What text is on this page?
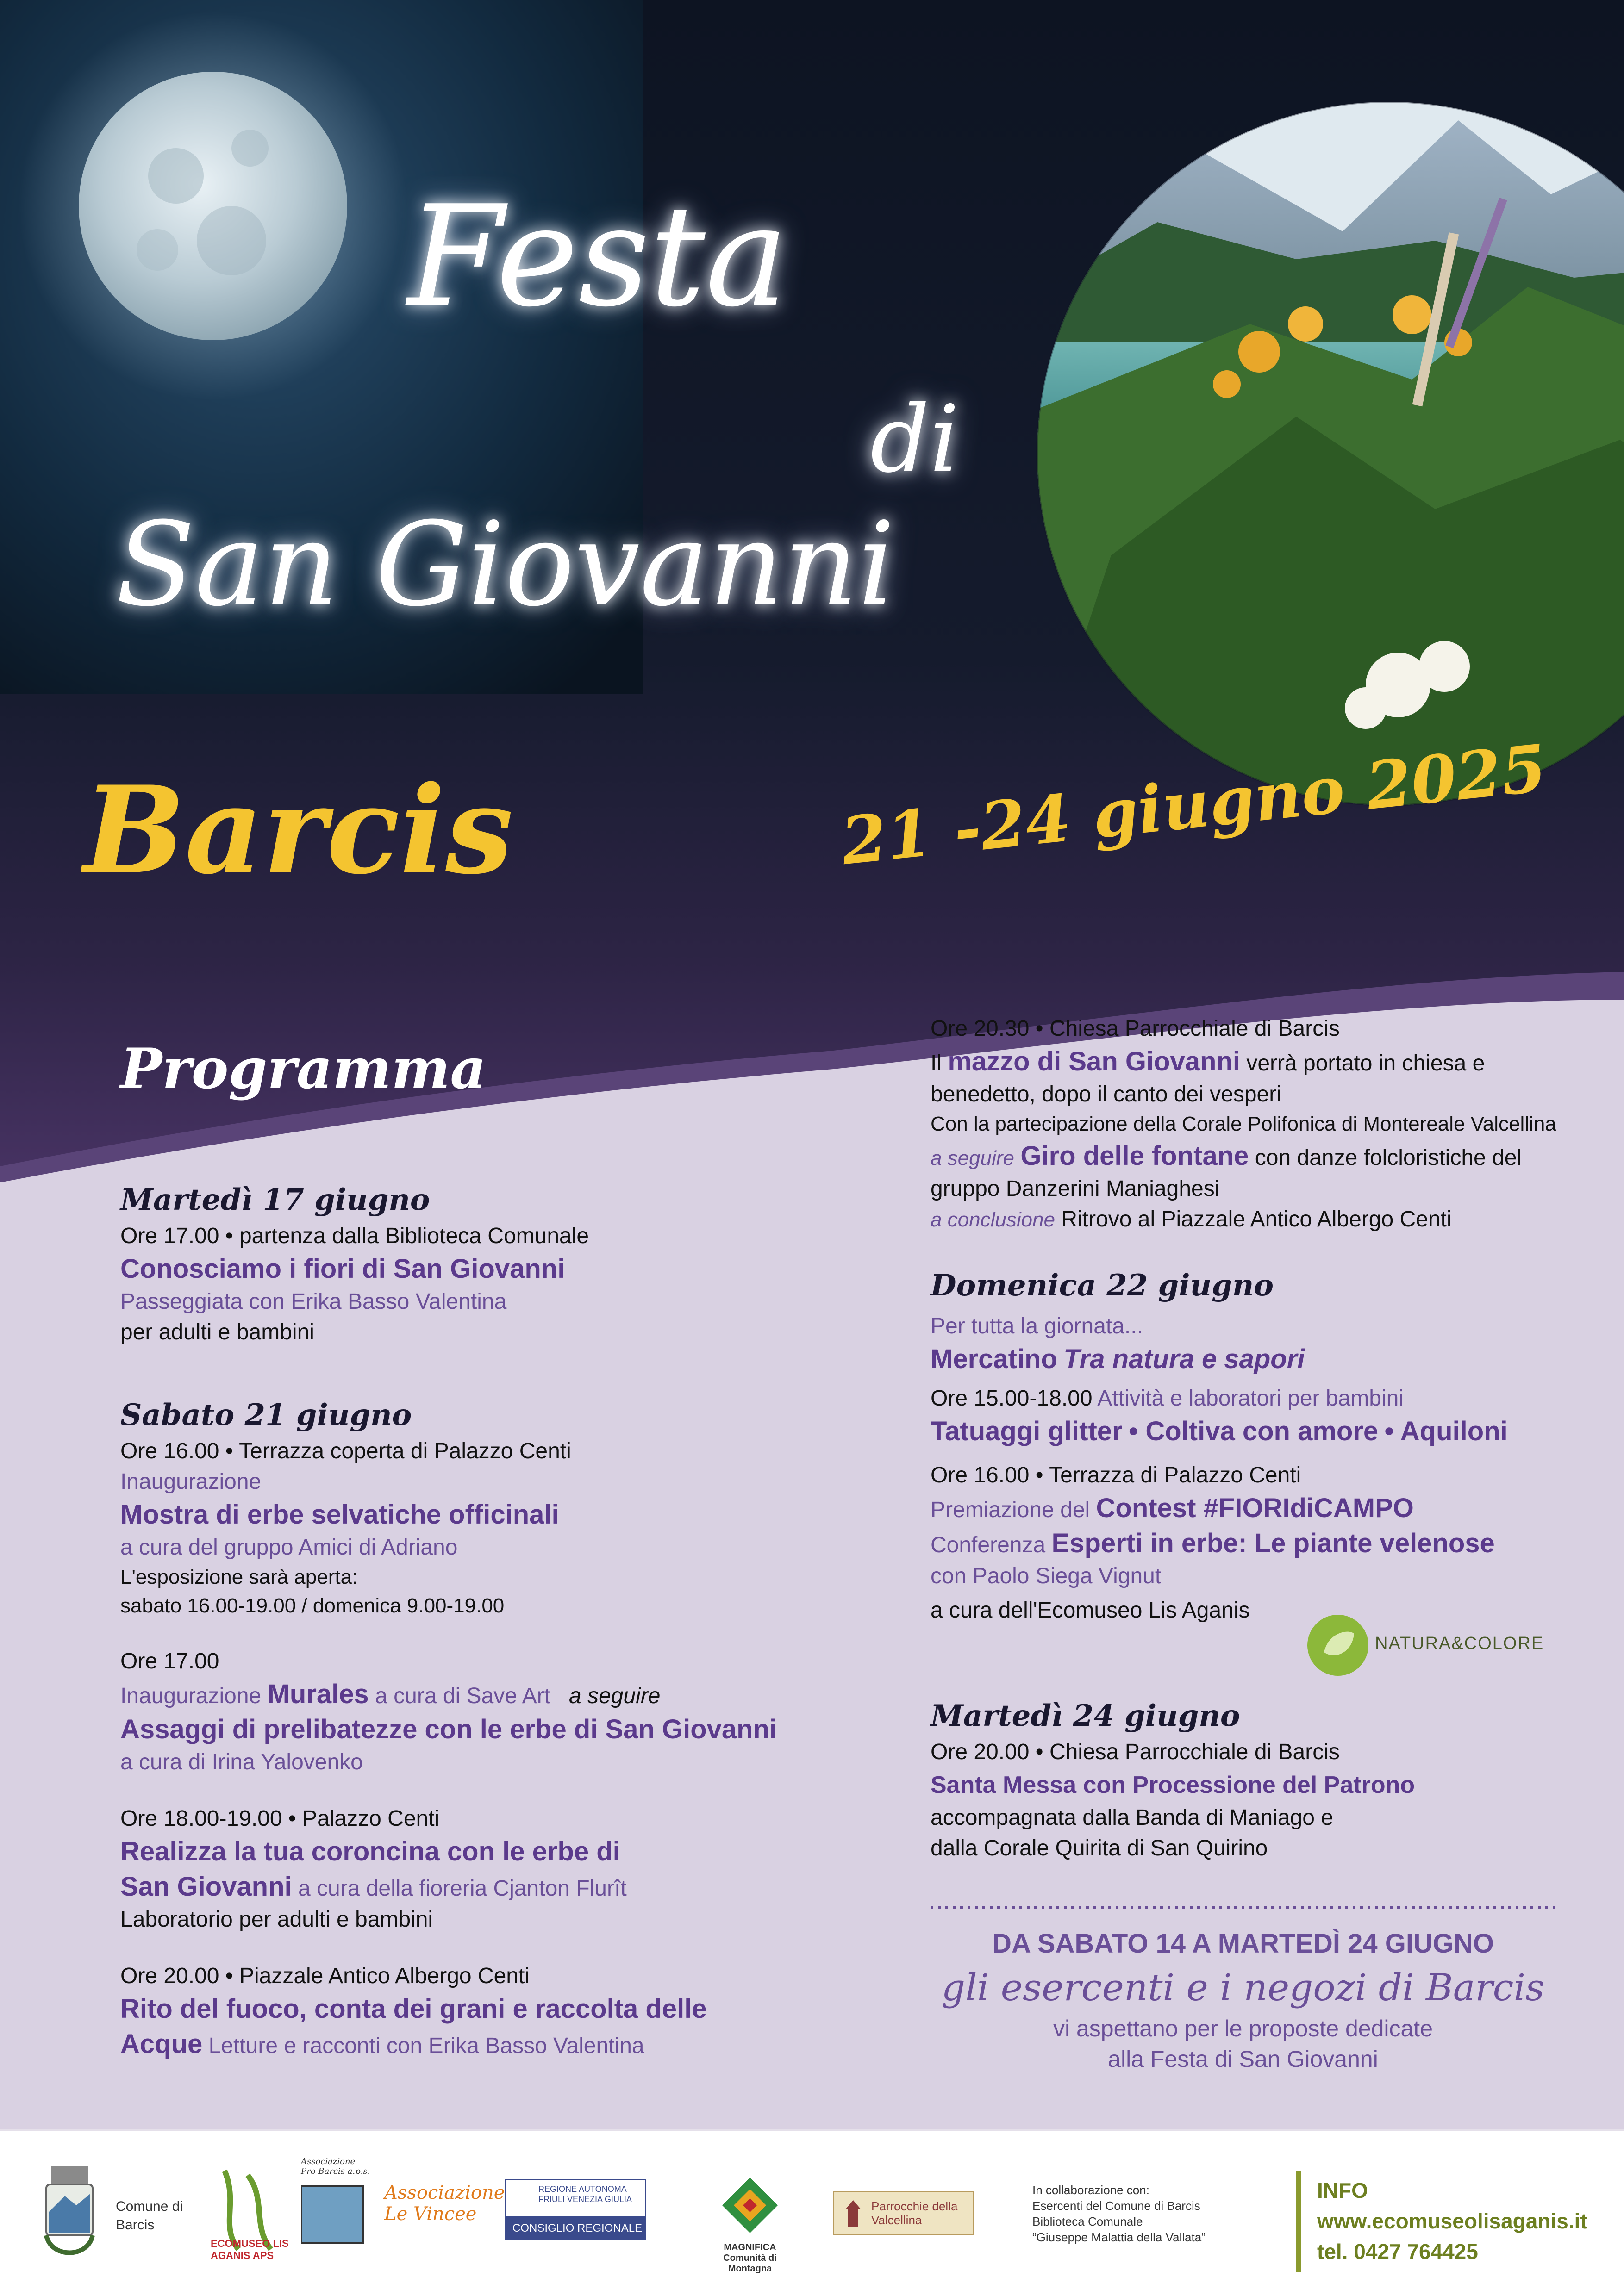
Festa
di
San Giovanni
Barcis	21 -24 giugno 2025
Programma
Martedì 17 giugno
Ore 17.00 • partenza dalla Biblioteca Comunale
Conosciamo i fiori di San Giovanni
Passeggiata con Erika Basso Valentina
per adulti e bambini
Sabato 21 giugno
Ore 16.00 • Terrazza coperta di Palazzo Centi
Inaugurazione
Mostra di erbe selvatiche officinali
a cura del gruppo Amici di Adriano
L'esposizione sarà aperta:
sabato 16.00-19.00 / domenica 9.00-19.00
Ore 17.00
Inaugurazione Murales a cura di Save Art a seguire
Assaggi di prelibatezze con le erbe di San Giovanni
a cura di Irina Yalovenko
Ore 18.00-19.00 • Palazzo Centi
Realizza la tua coroncina con le erbe di
San Giovanni a cura della fioreria Cjanton Flurît
Laboratorio per adulti e bambini
Ore 20.00 • Piazzale Antico Albergo Centi
Rito del fuoco, conta dei grani e raccolta delle
Acque Letture e racconti con Erika Basso Valentina
Ore 20.30 • Chiesa Parrocchiale di Barcis
Il mazzo di San Giovanni verrà portato in chiesa e
benedetto, dopo il canto dei vesperi
Con la partecipazione della Corale Polifonica di Montereale Valcellina
a seguire Giro delle fontane con danze folcloristiche del
gruppo Danzerini Maniaghesi
a conclusione Ritrovo al Piazzale Antico Albergo Centi
Domenica 22 giugno
Per tutta la giornata...
Mercatino Tra natura e sapori
Ore 15.00-18.00 Attività e laboratori per bambini
Tatuaggi glitter • Coltiva con amore • Aquiloni
Ore 16.00 • Terrazza di Palazzo Centi
Premiazione del Contest #FIORIdiCAMPO
Conferenza Esperti in erbe: Le piante velenose
con Paolo Siega Vignut
a cura dell'Ecomuseo Lis Aganis
NATURA&COLORE
Martedì 24 giugno
Ore 20.00 • Chiesa Parrocchiale di Barcis
Santa Messa con Processione del Patrono
accompagnata dalla Banda di Maniago e
dalla Corale Quirita di San Quirino
DA SABATO 14 A MARTEDÌ 24 GIUGNO
gli esercenti e i negozi di Barcis
vi aspettano per le proposte dedicate
alla Festa di San Giovanni
Comune di Barcis
ECOMUSEO LIS AGANIS APS
Associazione Pro Barcis a.p.s.
Associazione Le Vincee
REGIONE AUTONOMA FRIULI VENEZIA GIULIA
CONSIGLIO REGIONALE
MAGNIFICA Comunità di Montagna
Parrocchie della Valcellina
In collaborazione con:
Esercenti del Comune di Barcis
Biblioteca Comunale
“Giuseppe Malattia della Vallata”
INFO
www.ecomuseolisaganis.it
tel. 0427 764425
